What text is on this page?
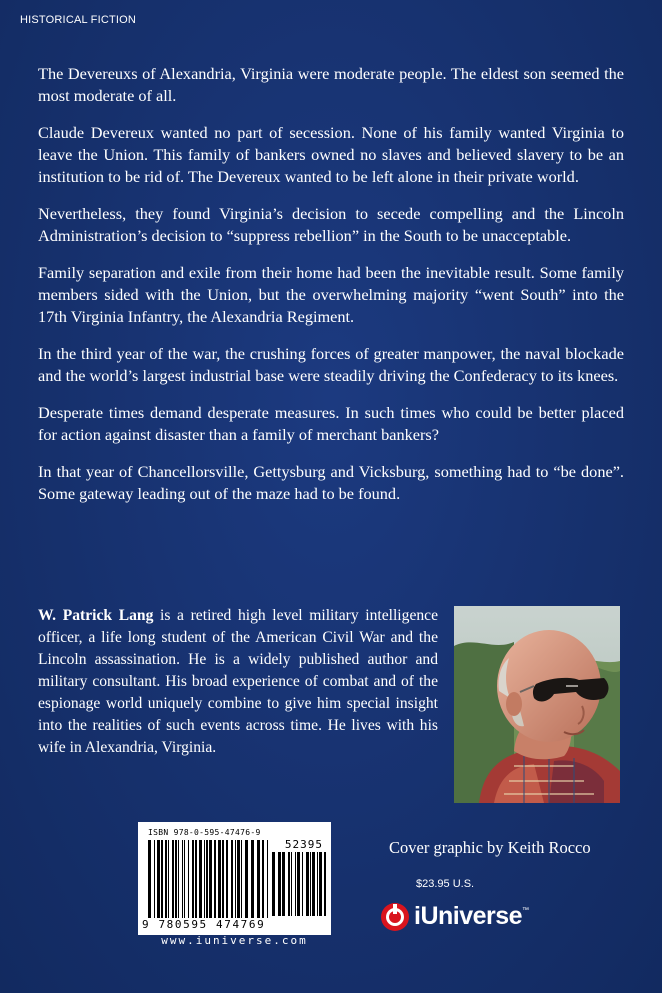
HISTORICAL FICTION

The Devereuxs of Alexandria, Virginia were moderate people. The eldest son seemed the most moderate of all.

Claude Devereux wanted no part of secession. None of his family wanted Virginia to leave the Union. This family of bankers owned no slaves and believed slavery to be an institution to be rid of. The Devereux wanted to be left alone in their private world.

Nevertheless, they found Virginia’s decision to secede compelling and the Lincoln Administration’s decision to “suppress rebellion” in the South to be unacceptable.

Family separation and exile from their home had been the inevitable result. Some family members sided with the Union, but the overwhelming majority “went South” into the 17th Virginia Infantry, the Alexandria Regiment.

In the third year of the war, the crushing forces of greater manpower, the naval blockade and the world’s largest industrial base were steadily driving the Confederacy to its knees.

Desperate times demand desperate measures. In such times who could be better placed for action against disaster than a family of merchant bankers?

In that year of Chancellorsville, Gettysburg and Vicksburg, something had to “be done”. Some gateway leading out of the maze had to be found.

W. Patrick Lang is a retired high level military intelligence officer, a life long student of the American Civil War and the Lincoln assassination. He is a widely published author and military consultant. His broad experience of combat and of the espionage world uniquely combine to give him special insight into the realities of such events across time. He lives with his wife in Alexandria, Virginia.

ISBN 978-0-595-47476-9
52395
9 780595 474769
www.iuniverse.com
Cover graphic by Keith Rocco
$23.95 U.S.
iUniverse ™
